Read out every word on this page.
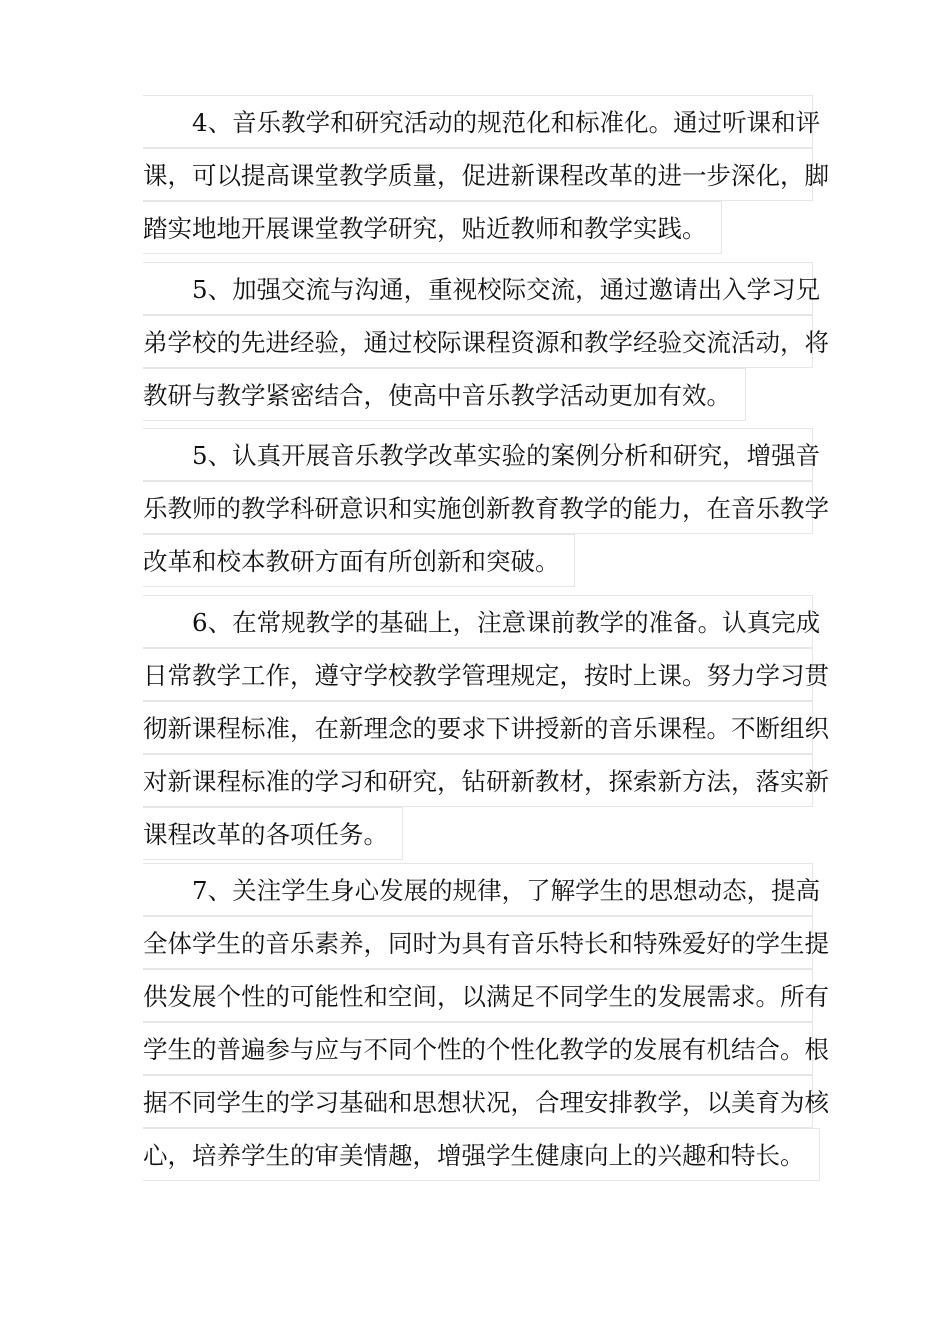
4、音乐教学和研究活动的规范化和标准化。通过听课和评
课，可以提高课堂教学质量，促进新课程改革的进一步深化，脚
踏实地地开展课堂教学研究，贴近教师和教学实践。
5、加强交流与沟通，重视校际交流，通过邀请出入学习兄
弟学校的先进经验，通过校际课程资源和教学经验交流活动，将
教研与教学紧密结合，使高中音乐教学活动更加有效。
5、认真开展音乐教学改革实验的案例分析和研究，增强音
乐教师的教学科研意识和实施创新教育教学的能力，在音乐教学
改革和校本教研方面有所创新和突破。
6、在常规教学的基础上，注意课前教学的准备。认真完成
日常教学工作，遵守学校教学管理规定，按时上课。努力学习贯
彻新课程标准，在新理念的要求下讲授新的音乐课程。不断组织
对新课程标准的学习和研究，钻研新教材，探索新方法，落实新
课程改革的各项任务。
7、关注学生身心发展的规律，了解学生的思想动态，提高
全体学生的音乐素养，同时为具有音乐特长和特殊爱好的学生提
供发展个性的可能性和空间，以满足不同学生的发展需求。所有
学生的普遍参与应与不同个性的个性化教学的发展有机结合。根
据不同学生的学习基础和思想状况，合理安排教学，以美育为核
心，培养学生的审美情趣，增强学生健康向上的兴趣和特长。
